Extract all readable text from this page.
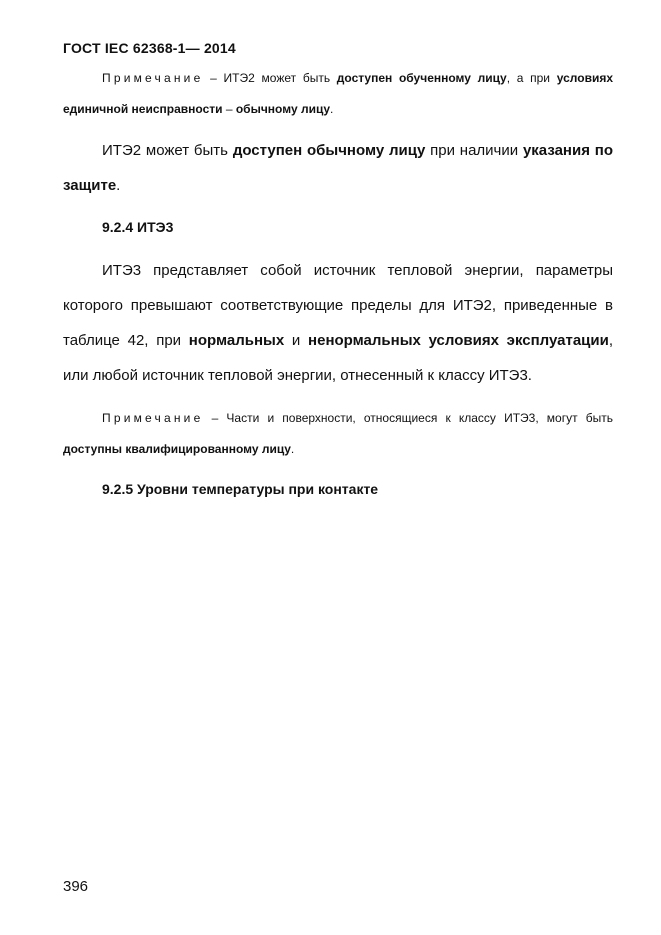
ГОСТ IEC 62368-1— 2014
Примечание – ИТЭ2 может быть доступен обученному лицу, а при условиях единичной неисправности – обычному лицу.
ИТЭ2 может быть доступен обычному лицу при наличии указания по защите.
9.2.4 ИТЭ3
ИТЭ3 представляет собой источник тепловой энергии, параметры которого превышают соответствующие пределы для ИТЭ2, приведенные в таблице 42, при нормальных и ненормальных условиях эксплуатации, или любой источник тепловой энергии, отнесенный к классу ИТЭ3.
Примечание – Части и поверхности, относящиеся к классу ИТЭ3, могут быть доступны квалифицированному лицу.
9.2.5 Уровни температуры при контакте
396
